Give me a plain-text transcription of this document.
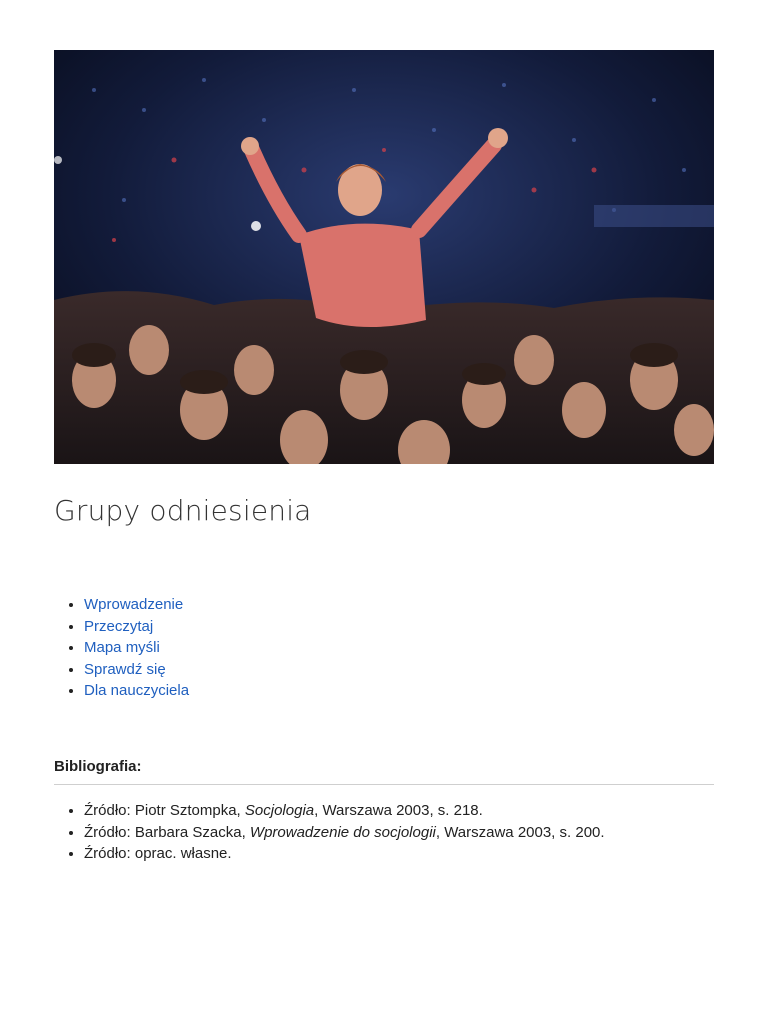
Grupy odniesienia
• Wprowadzenie
• Przeczytaj
• Mapa myśli
• Sprawdź się
• Dla nauczyciela
Bibliografia:
• Źródło: Piotr Sztompka, Socjologia, Warszawa 2003, s. 218.
• Źródło: Barbara Szacka, Wprowadzenie do socjologii, Warszawa 2003, s. 200.
• Źródło: oprac. własne.
